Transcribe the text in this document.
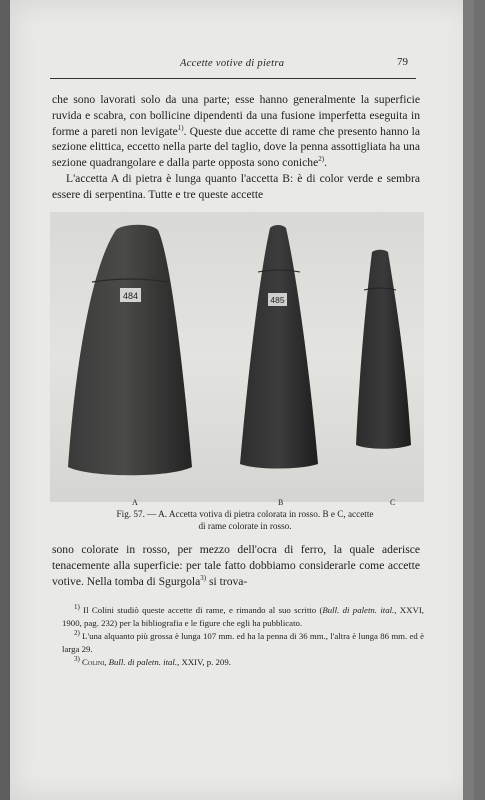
Accette votive di pietra	79

che sono lavorati solo da una parte; esse hanno generalmente la superficie ruvida e scabra, con bollicine dipendenti da una fusione imperfetta eseguita in forme a pareti non levigate$^{1)}$. Queste due accette di rame che presento hanno la sezione elittica, eccetto nella parte del taglio, dove la penna assottigliata ha una sezione quadrangolare e dalla parte opposta sono coniche$^{2)}$.

L'accetta A di pietra è lunga quanto l'accetta B: è di color verde e sembra essere di serpentina. Tutte e tre queste accette

484	485
A	B	C
Fig. 57. — A. Accetta votiva di pietra colorata in rosso. B e C, accette
di rame colorate in rosso.

sono colorate in rosso, per mezzo dell'ocra di ferro, la quale aderisce tenacemente alla superficie: per tale fatto dobbiamo considerarle come accette votive. Nella tomba di Sgurgola$^{3)}$ si trova-

$^{1)}$ Il Colini studiò queste accette di rame, e rimando al suo scritto (Bull. di paletn. ital., XXVI, 1900, pag. 232) per la bibliografia e le figure che egli ha pubblicato.

$^{2)}$ L'una alquanto più grossa è lunga 107 mm. ed ha la penna di 36 mm., l'altra è lunga 86 mm. ed è larga 29.

$^{3)}$ Colini, Bull. di paletn. ital., XXIV, p. 209.
